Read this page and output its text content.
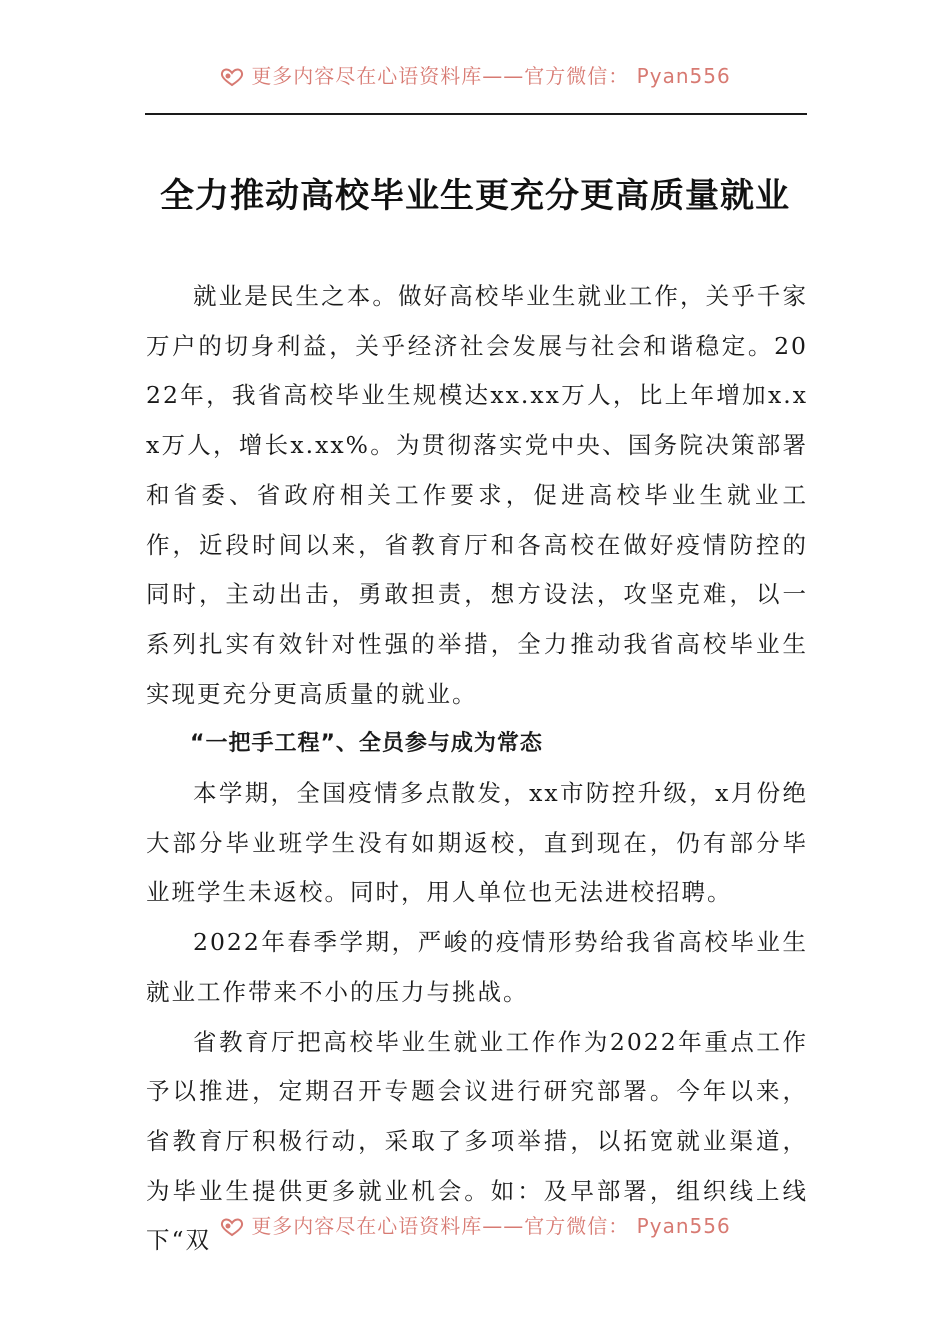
更多内容尽在心语资料库——官方微信： Pyan556
全力推动高校毕业生更充分更高质量就业

就业是民生之本。做好高校毕业生就业工作，关乎千家万户的切身利益，关乎经济社会发展与社会和谐稳定。2022年，我省高校毕业生规模达xx.xx万人，比上年增加x.xx万人，增长x.xx%。为贯彻落实党中央、国务院决策部署和省委、省政府相关工作要求，促进高校毕业生就业工作，近段时间以来，省教育厅和各高校在做好疫情防控的同时，主动出击，勇敢担责，想方设法，攻坚克难，以一系列扎实有效针对性强的举措，全力推动我省高校毕业生实现更充分更高质量的就业。

“一把手工程”、全员参与成为常态

本学期，全国疫情多点散发，xx市防控升级，x月份绝大部分毕业班学生没有如期返校，直到现在，仍有部分毕业班学生未返校。同时，用人单位也无法进校招聘。

2022年春季学期，严峻的疫情形势给我省高校毕业生就业工作带来不小的压力与挑战。

省教育厅把高校毕业生就业工作作为2022年重点工作予以推进，定期召开专题会议进行研究部署。今年以来，省教育厅积极行动，采取了多项举措，以拓宽就业渠道，为毕业生提供更多就业机会。如：及早部署，组织线上线下“双

更多内容尽在心语资料库——官方微信： Pyan556
